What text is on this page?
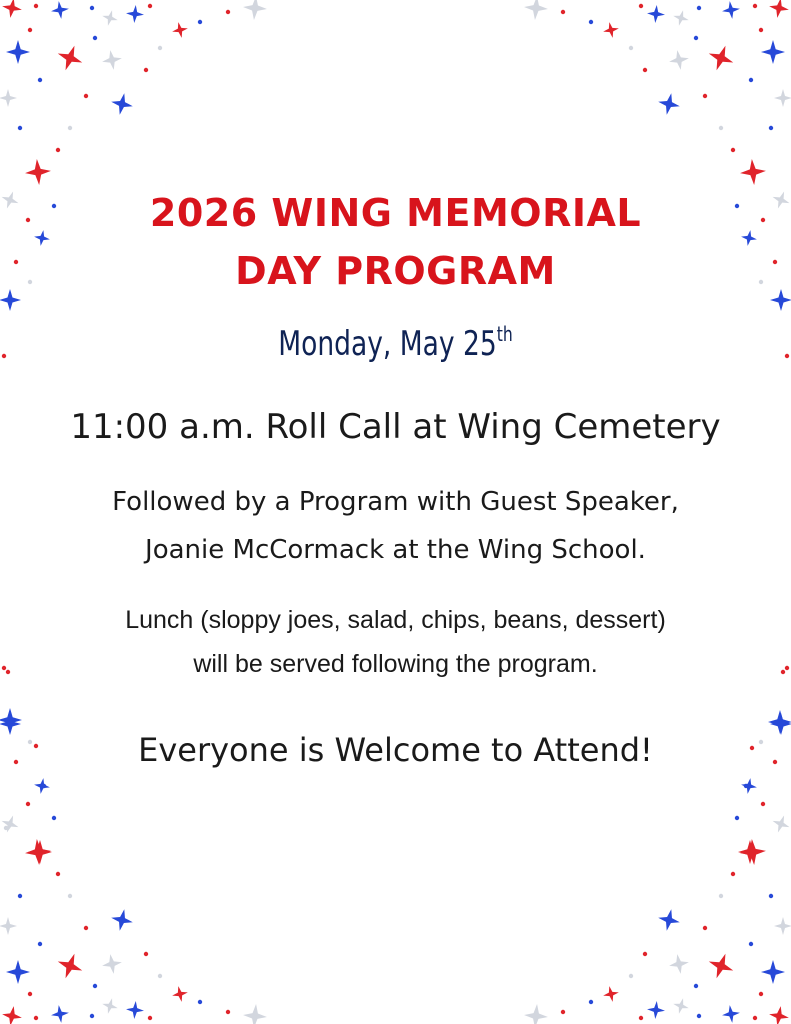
2026 WING MEMORIAL
DAY PROGRAM
Monday, May 25th
11:00 a.m. Roll Call at Wing Cemetery
Followed by a Program with Guest Speaker,
Joanie McCormack at the Wing School.
Lunch (sloppy joes, salad, chips, beans, dessert)
will be served following the program.
Everyone is Welcome to Attend!
